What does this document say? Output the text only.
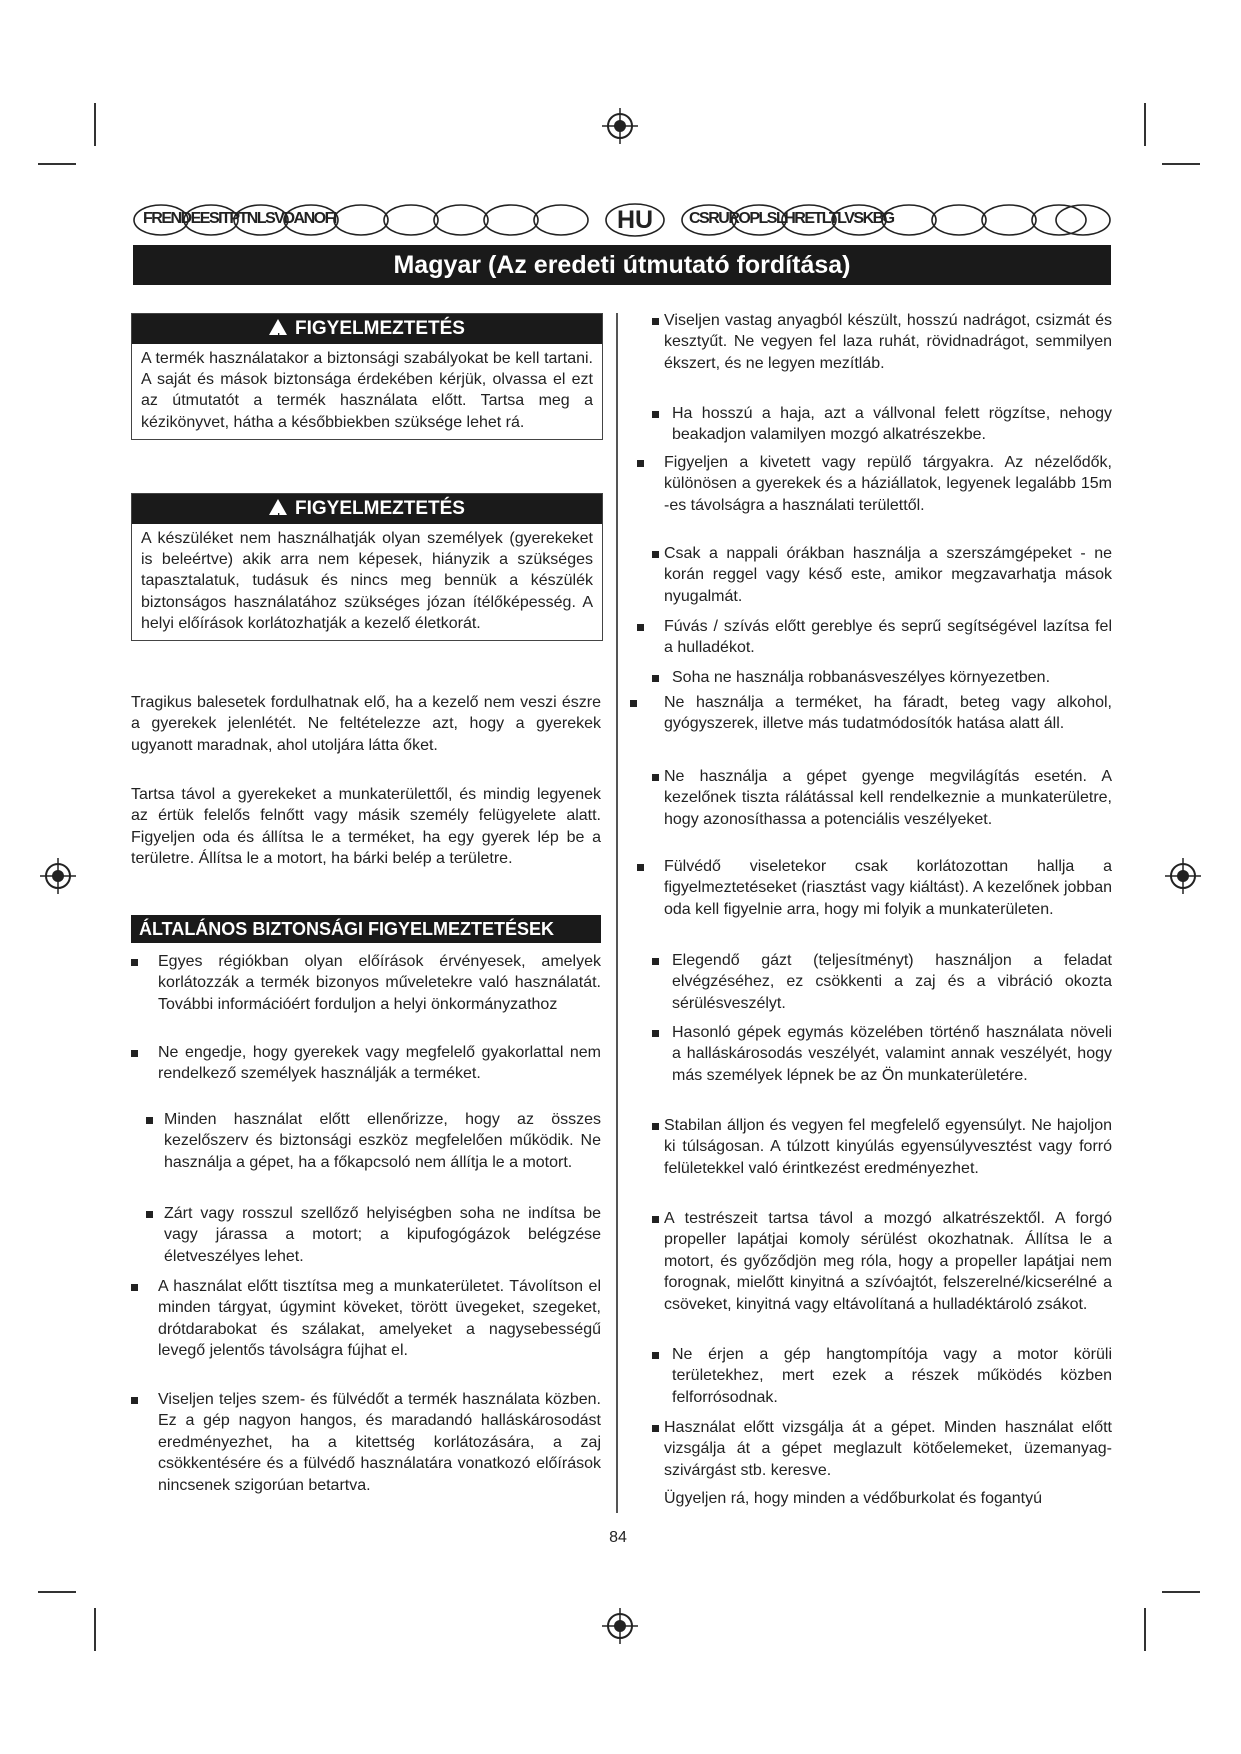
FRENDEESITPTNLSVDANOFI	HU	CSRUROPLSLHRETLTLVSKBG
Magyar (Az eredeti útmutató fordítása)
! FIGYELMEZTETÉS
A termék használatakor a biztonsági szabályokat be kell tartani. A saját és mások biztonsága érdekében kérjük, olvassa el ezt az útmutatót a termék használata előtt. Tartsa meg a kézikönyvet, hátha a későbbiekben szüksége lehet rá.
! FIGYELMEZTETÉS
A készüléket nem használhatják olyan személyek (gyerekeket is beleértve) akik arra nem képesek, hiányzik a szükséges tapasztalatuk, tudásuk és nincs meg bennük a készülék biztonságos használatához szükséges józan ítélőképesség. A helyi előírások korlátozhatják a kezelő életkorát.
Tragikus balesetek fordulhatnak elő, ha a kezelő nem veszi észre a gyerekek jelenlétét. Ne feltételezze azt, hogy a gyerekek ugyanott maradnak, ahol utoljára látta őket.
Tartsa távol a gyerekeket a munkaterülettől, és mindig legyenek az értük felelős felnőtt vagy másik személy felügyelete alatt. Figyeljen oda és állítsa le a terméket, ha egy gyerek lép be a területre. Állítsa le a motort, ha bárki belép a területre.
ÁLTALÁNOS BIZTONSÁGI FIGYELMEZTETÉSEK
Egyes régiókban olyan előírások érvényesek, amelyek korlátozzák a termék bizonyos műveletekre való használatát. További információért forduljon a helyi önkormányzathoz
Ne engedje, hogy gyerekek vagy megfelelő gyakorlattal nem rendelkező személyek használják a terméket.
Minden használat előtt ellenőrizze, hogy az összes kezelőszerv és biztonsági eszköz megfelelően működik. Ne használja a gépet, ha a főkapcsoló nem állítja le a motort.
Zárt vagy rosszul szellőző helyiségben soha ne indítsa be vagy járassa a motort; a kipufogógázok belégzése életveszélyes lehet.
A használat előtt tisztítsa meg a munkaterületet. Távolítson el minden tárgyat, úgymint köveket, törött üvegeket, szegeket, drótdarabokat és szálakat, amelyeket a nagysebességű levegő jelentős távolságra fújhat el.
Viseljen teljes szem- és fülvédőt a termék használata közben. Ez a gép nagyon hangos, és maradandó halláskárosodást eredményezhet, ha a kitettség korlátozására, a zaj csökkentésére és a fülvédő használatára vonatkozó előírások nincsenek szigorúan betartva.
Viseljen vastag anyagból készült, hosszú nadrágot, csizmát és kesztyűt. Ne vegyen fel laza ruhát, rövidnadrágot, semmilyen ékszert, és ne legyen mezítláb.
Ha hosszú a haja, azt a vállvonal felett rögzítse, nehogy beakadjon valamilyen mozgó alkatrészekbe.
Figyeljen a kivetett vagy repülő tárgyakra. Az nézelődők, különösen a gyerekek és a háziállatok, legyenek legalább 15m -es távolságra a használati területtől.
Csak a nappali órákban használja a szerszámgépeket - ne korán reggel vagy késő este, amikor megzavarhatja mások nyugalmát.
Fúvás / szívás előtt gereblye és seprű segítségével lazítsa fel a hulladékot.
Soha ne használja robbanásveszélyes környezetben.
Ne használja a terméket, ha fáradt, beteg vagy alkohol, gyógyszerek, illetve más tudatmódosítók hatása alatt áll.
Ne használja a gépet gyenge megvilágítás esetén. A kezelőnek tiszta rálátással kell rendelkeznie a munkaterületre, hogy azonosíthassa a potenciális veszélyeket.
Fülvédő viseletekor csak korlátozottan hallja a figyelmeztetéseket (riasztást vagy kiáltást). A kezelőnek jobban oda kell figyelnie arra, hogy mi folyik a munkaterületen.
Elegendő gázt (teljesítményt) használjon a feladat elvégzéséhez, ez csökkenti a zaj és a vibráció okozta sérülésveszélyt.
Hasonló gépek egymás közelében történő használata növeli a halláskárosodás veszélyét, valamint annak veszélyét, hogy más személyek lépnek be az Ön munkaterületére.
Stabilan álljon és vegyen fel megfelelő egyensúlyt. Ne hajoljon ki túlságosan. A túlzott kinyúlás egyensúlyvesztést vagy forró felületekkel való érintkezést eredményezhet.
A testrészeit tartsa távol a mozgó alkatrészektől. A forgó propeller lapátjai komoly sérülést okozhatnak. Állítsa le a motort, és győződjön meg róla, hogy a propeller lapátjai nem forognak, mielőtt kinyitná a szívóajtót, felszerelné/kicserélné a csöveket, kinyitná vagy eltávolítaná a hulladéktároló zsákot.
Ne érjen a gép hangtompítója vagy a motor körüli területekhez, mert ezek a részek működés közben felforrósodnak.
Használat előtt vizsgálja át a gépet. Minden használat előtt vizsgálja át a gépet meglazult kötőelemeket, üzemanyag-szivárgást stb. keresve.
Ügyeljen rá, hogy minden a védőburkolat és fogantyú
84
